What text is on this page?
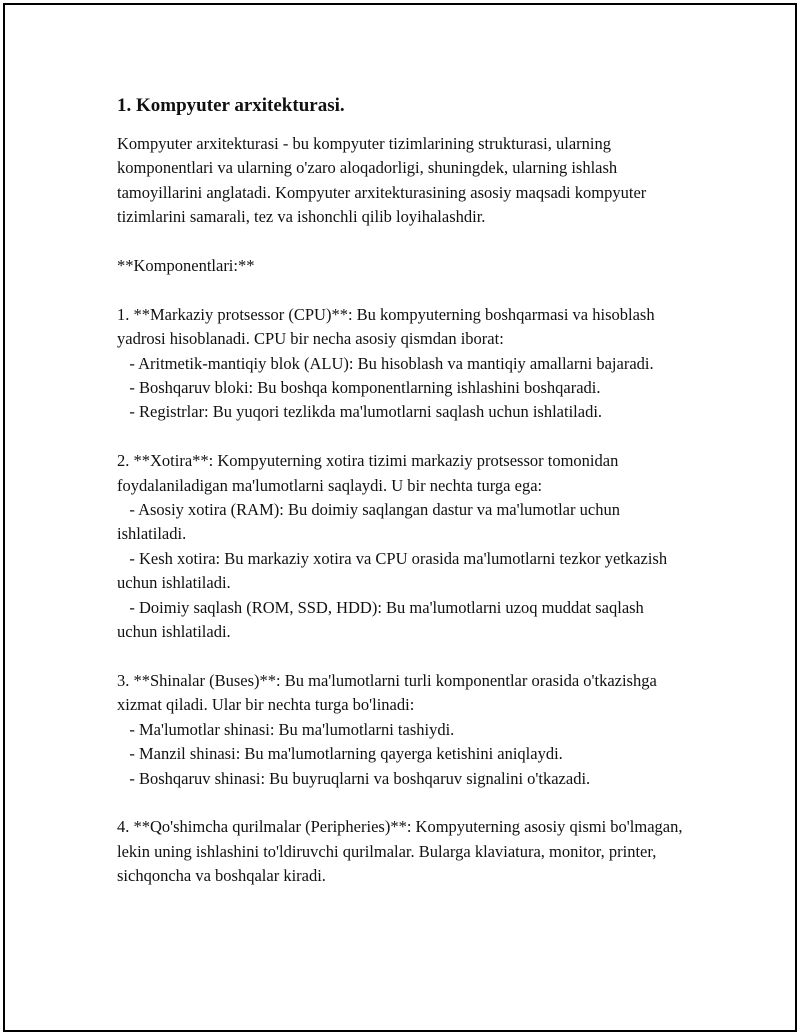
1. Kompyuter arxitekturasi.

Kompyuter arxitekturasi - bu kompyuter tizimlarining strukturasi, ularning komponentlari va ularning o'zaro aloqadorligi, shuningdek, ularning ishlash tamoyillarini anglatadi. Kompyuter arxitekturasining asosiy maqsadi kompyuter tizimlarini samarali, tez va ishonchli qilib loyihalashdir.

**Komponentlari:**

1. **Markaziy protsessor (CPU)**: Bu kompyuterning boshqarmasi va hisoblash yadrosi hisoblanadi. CPU bir necha asosiy qismdan iborat:

- Aritmetik-mantiqiy blok (ALU): Bu hisoblash va mantiqiy amallarni bajaradi.

- Boshqaruv bloki: Bu boshqa komponentlarning ishlashini boshqaradi.

- Registrlar: Bu yuqori tezlikda ma'lumotlarni saqlash uchun ishlatiladi.

2. **Xotira**: Kompyuterning xotira tizimi markaziy protsessor tomonidan foydalaniladigan ma'lumotlarni saqlaydi. U bir nechta turga ega:

- Asosiy xotira (RAM): Bu doimiy saqlangan dastur va ma'lumotlar uchun ishlatiladi.

- Kesh xotira: Bu markaziy xotira va CPU orasida ma'lumotlarni tezkor yetkazish uchun ishlatiladi.

- Doimiy saqlash (ROM, SSD, HDD): Bu ma'lumotlarni uzoq muddat saqlash uchun ishlatiladi.

3. **Shinalar (Buses)**: Bu ma'lumotlarni turli komponentlar orasida o'tkazishga xizmat qiladi. Ular bir nechta turga bo'linadi:

- Ma'lumotlar shinasi: Bu ma'lumotlarni tashiydi.

- Manzil shinasi: Bu ma'lumotlarning qayerga ketishini aniqlaydi.

- Boshqaruv shinasi: Bu buyruqlarni va boshqaruv signalini o'tkazadi.

4. **Qo'shimcha qurilmalar (Peripheries)**: Kompyuterning asosiy qismi bo'lmagan, lekin uning ishlashini to'ldiruvchi qurilmalar. Bularga klaviatura, monitor, printer, sichqoncha va boshqalar kiradi.
